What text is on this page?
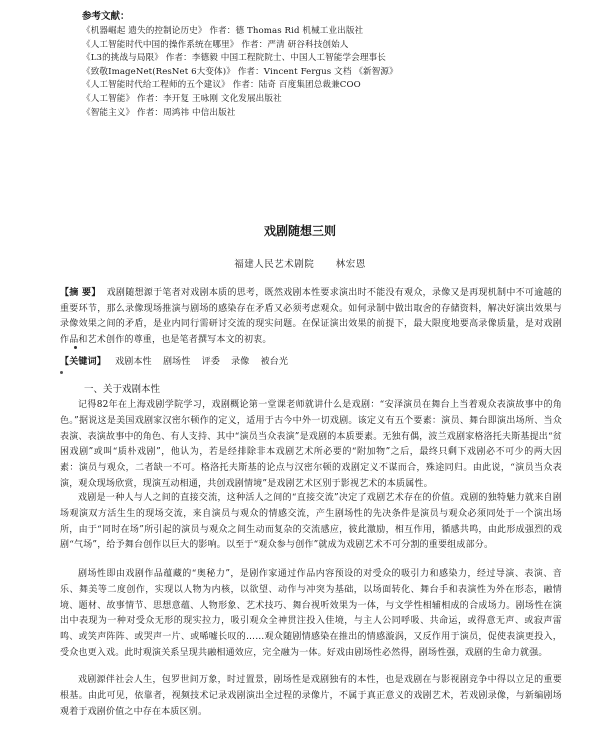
参考文献：
《机器崛起 遗失的控制论历史》 作者：德 Thomas Rid 机械工业出版社
《人工智能时代中国的操作系统在哪里》 作者：严清 研谷科技创始人
《L3的挑战与局限》 作者：李德毅 中国工程院院士、中国人工智能学会理事长
《致敬ImageNet(ResNet 6大变体)》 作者：Vincent Fergus 文档 《新智源》
《人工智能时代给工程师的五个建议》 作者：陆奇 百度集团总裁兼COO
《人工智能》 作者：李开复 王咏刚 文化发展出版社
《智能主义》 作者：周鸿祎 中信出版社
戏剧随想三则
福建人民艺术剧院 林宏恩
【摘 要】 戏剧随想源于笔者对戏剧本质的思考，既然戏剧本性要求演出时不能没有观众，录像又是再现机制中不可逾越的重要环节，那么录像现场推演与剧场的感染存在矛盾又必须考虑观众。如何录制中做出取舍的存储资料，解决好演出效果与录像效果之间的矛盾，是业内同行需研讨交流的现实问题。在保证演出效果的前提下，最大限度地要高录像质量，是对戏剧作品和艺术创作的尊重，也是笔者撰写本文的初衷。
【关键词】 戏剧本性 剧场性 评委 录像 被台光
一、关于戏剧本性
记得82年在上海戏剧学院学习，戏剧概论第一堂课老师就讲什么是戏剧：“安泽演员在舞台上当着观众表演故事中的角色。”据说这是美国戏剧家汉密尔顿作的定义，适用于古今中外一切戏剧。该定义有五个要素：演员、舞台即演出场所、当众表演、表演故事中的角色、有人支持、其中“演员当众表演”是戏剧的本质要素。无独有偶，波兰戏剧家格洛托夫斯基提出“贫困戏剧”或叫“质朴戏剧”，他认为，若是经排除非本戏剧艺术所必要的“附加物”之后，最终只剩下戏剧必不可少的两大因素：演员与观众，二者缺一不可。格洛托夫斯基的论点与汉密尔顿的戏剧定义不谋而合，殊途同归。由此说，“演员当众表演，观众现场欣赏，现演互动相通，共创戏剧情境”是戏剧艺术区别于影视艺术的本质属性。
戏剧是一种人与人之间的直接交流，这种活人之间的“直接交流”决定了戏剧艺术存在的价值。戏剧的独特魅力就来自剧场观演双方活生生的现场交流，来自演员与观众的情感交流，产生剧场性的先决条件是演员与观众必须同处于一个演出场所，由于“同时在场”所引起的演员与观众之间生动而复杂的交流感应，彼此激励，相互作用，循感共鸣，由此形成强烈的戏剧“气场”，给予舞台创作以巨大的影响。以至于“观众参与创作”就成为戏剧艺术不可分割的重要组成部分。
剧场性即由戏剧作品蕴藏的“奥秘力”，是剧作家通过作品内容预设的对受众的吸引力和感染力，经过导演、表演、音乐、舞美等二度创作，实现以人物为内核，以欲望、动作与冲突为基础，以场面转化、舞台手和表演性为外在形态，融情境、题材、故事情节、思想意蕴、人物形象、艺术技巧、舞台视听效果为一体，与文学性相辅相成的合成场力。剧场性在演出中表现为一种对受众无形的现实拉力，吸引观众全神贯注投入佳境，与主人公同呼吸、共命运，或得意无声、或寂声雷鸣、或笑声阵阵、或哭声一片、或唏嘘长叹的……观众随剧情感染在推出的情感漩涡，又反作用于演员，促使表演更投入，受众也更入戏。此时观演关系呈现共融相通效应，完全融为一体。好戏由剧场性必然得，剧场性强，戏剧的生命力就强。
戏剧源伴社会人生，包罗世间万象，时过置景，剧场性是戏剧独有的本性，也是戏剧在与影视剧竞争中得以立足的重要根基。由此可见，依靠者，视频技术记录戏剧演出全过程的录像片，不属于真正意义的戏剧艺术，若戏剧录像，与新编剧场观着于戏剧价值之中存在本质区别。
